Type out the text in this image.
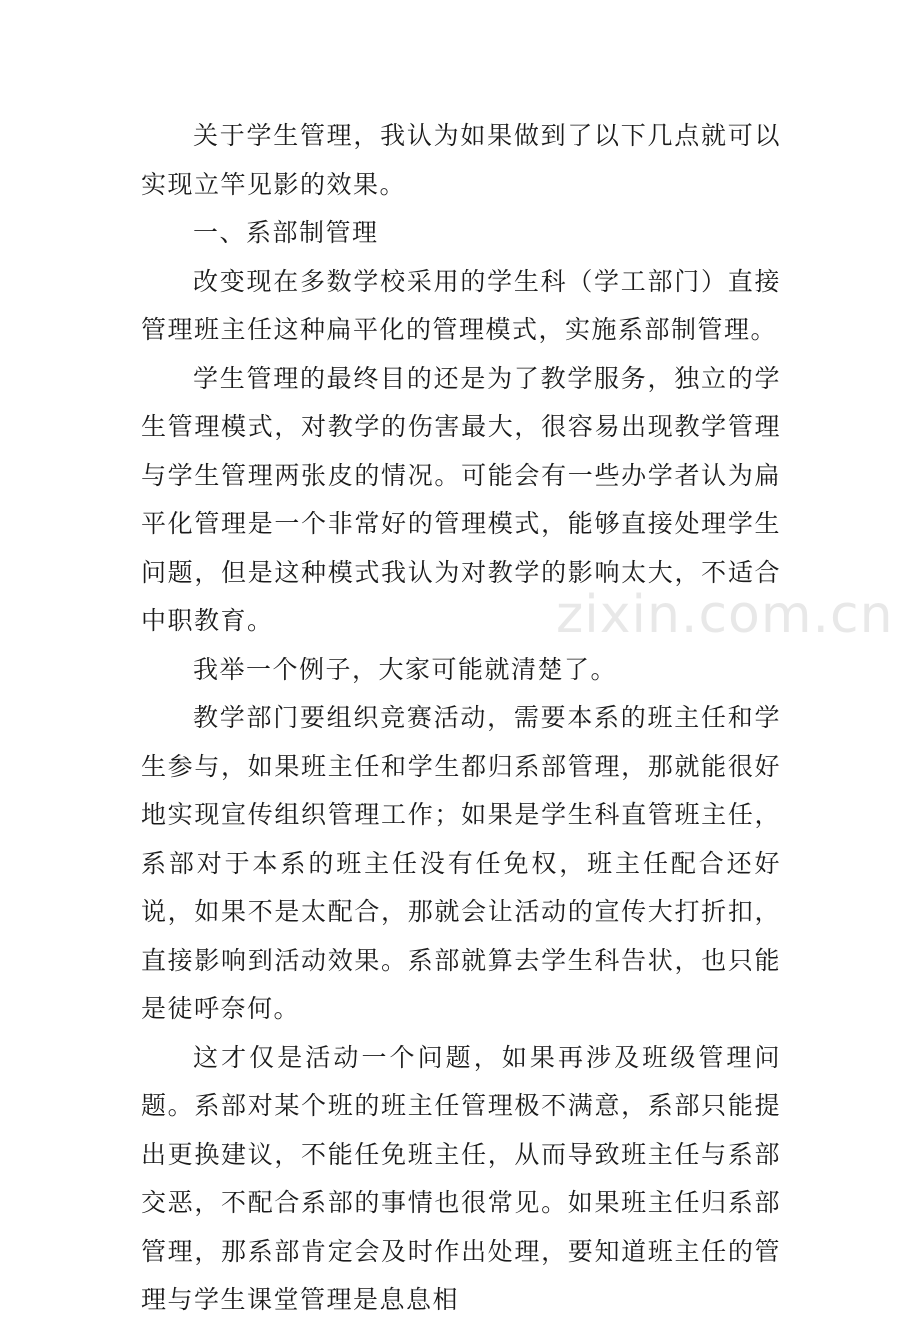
关于学生管理，我认为如果做到了以下几点就可以实现立竿见影的效果。

一、系部制管理

改变现在多数学校采用的学生科（学工部门）直接管理班主任这种扁平化的管理模式，实施系部制管理。

学生管理的最终目的还是为了教学服务，独立的学生管理模式，对教学的伤害最大，很容易出现教学管理与学生管理两张皮的情况。可能会有一些办学者认为扁平化管理是一个非常好的管理模式，能够直接处理学生问题，但是这种模式我认为对教学的影响太大，不适合中职教育。

我举一个例子，大家可能就清楚了。

教学部门要组织竞赛活动，需要本系的班主任和学生参与，如果班主任和学生都归系部管理，那就能很好地实现宣传组织管理工作；如果是学生科直管班主任，系部对于本系的班主任没有任免权，班主任配合还好说，如果不是太配合，那就会让活动的宣传大打折扣，直接影响到活动效果。系部就算去学生科告状，也只能是徒呼奈何。

这才仅是活动一个问题，如果再涉及班级管理问题。系部对某个班的班主任管理极不满意，系部只能提出更换建议，不能任免班主任，从而导致班主任与系部交恶，不配合系部的事情也很常见。如果班主任归系部管理，那系部肯定会及时作出处理，要知道班主任的管理与学生课堂管理是息息相

zixin.com.cn
